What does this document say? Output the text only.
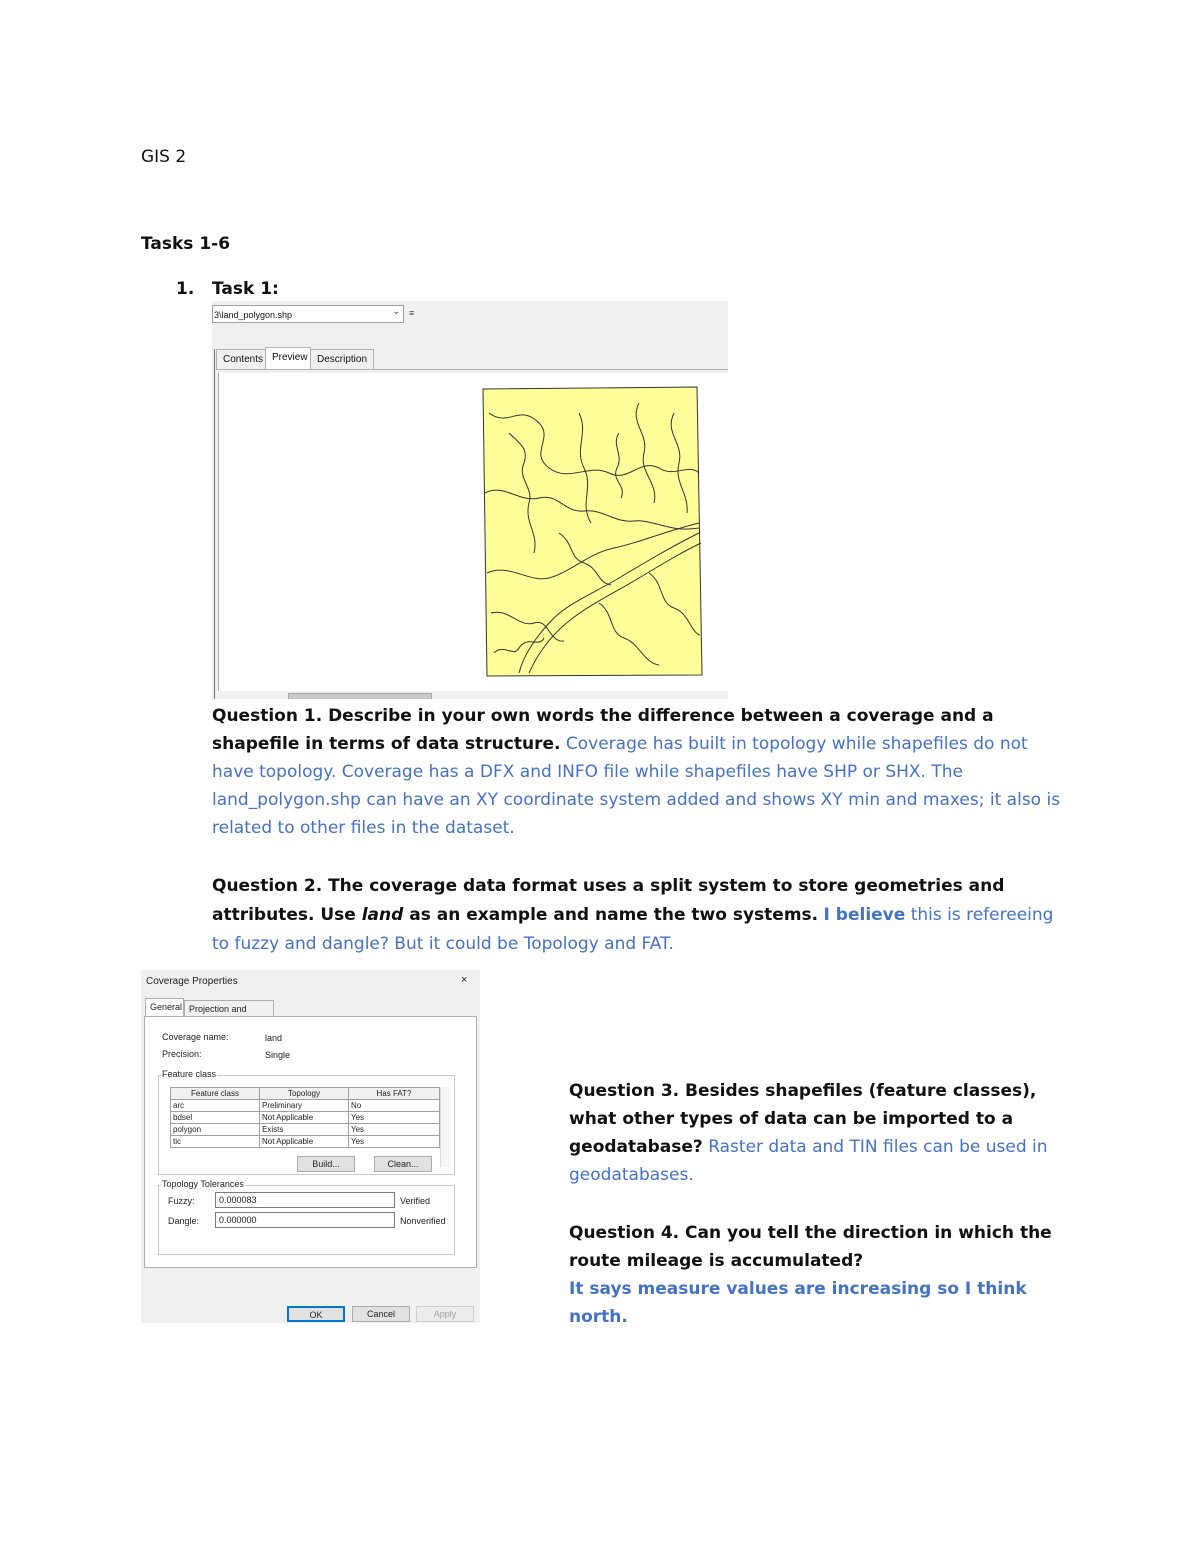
GIS 2
Tasks 1-6
1. Task 1:
3\land_polygon.shp	⌄ ≡
Contents Preview Description
Question 1. Describe in your own words the difference between a coverage and a shapefile in terms of data structure. Coverage has built in topology while shapefiles do not have topology. Coverage has a DFX and INFO file while shapefiles have SHP or SHX. The land_polygon.shp can have an XY coordinate system added and shows XY min and maxes; it also is related to other files in the dataset.
Question 2. The coverage data format uses a split system to store geometries and attributes. Use land as an example and name the two systems. I believe this is refereeing to fuzzy and dangle? But it could be Topology and FAT.
Coverage Properties	×
General Projection and
Coverage name:	land
Precision:	Single
Feature class
Feature class	Topology	Has FAT?
arc	Preliminary	No
bdsel	Not Applicable	Yes
polygon	Exists	Yes
tic	Not Applicable	Yes
Build...	Clean...
Topology Tolerances
Fuzzy:	0.000083	Verified
Dangle:	0.000000	Nonverified
OK	Cancel	Apply
Question 3. Besides shapefiles (feature classes), what other types of data can be imported to a geodatabase? Raster data and TIN files can be used in geodatabases.
Question 4. Can you tell the direction in which the route mileage is accumulated?
It says measure values are increasing so I think north.
